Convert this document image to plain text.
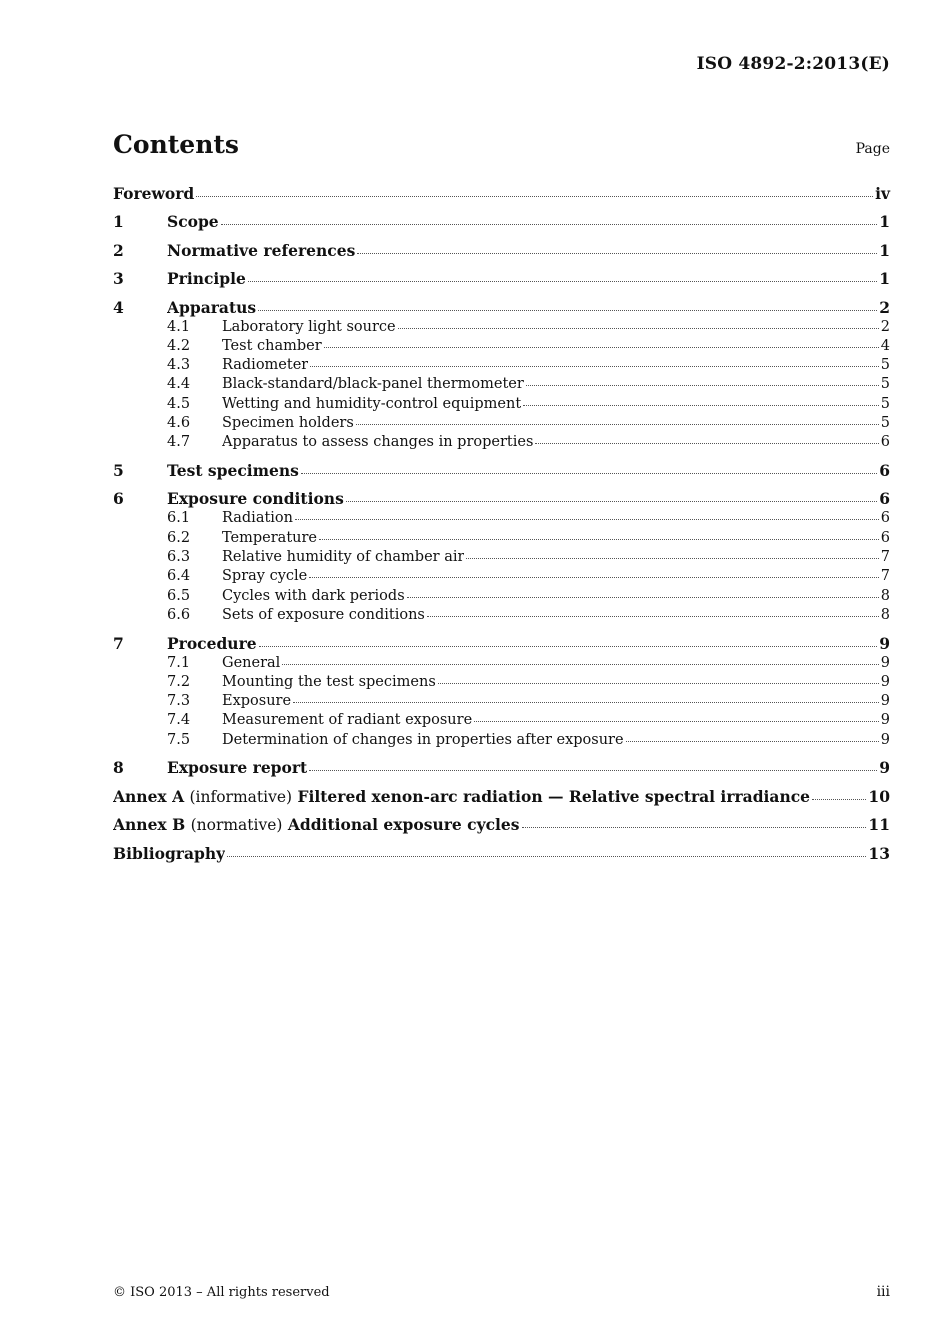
ISO 4892-2:2013(E)
Contents	Page
Foreword	iv
1	Scope	1
2	Normative references	1
3	Principle	1
4	Apparatus	2
4.1	Laboratory light source	2
4.2	Test chamber	4
4.3	Radiometer	5
4.4	Black-standard/black-panel thermometer	5
4.5	Wetting and humidity-control equipment	5
4.6	Specimen holders	5
4.7	Apparatus to assess changes in properties	6
5	Test specimens	6
6	Exposure conditions	6
6.1	Radiation	6
6.2	Temperature	6
6.3	Relative humidity of chamber air	7
6.4	Spray cycle	7
6.5	Cycles with dark periods	8
6.6	Sets of exposure conditions	8
7	Procedure	9
7.1	General	9
7.2	Mounting the test specimens	9
7.3	Exposure	9
7.4	Measurement of radiant exposure	9
7.5	Determination of changes in properties after exposure	9
8	Exposure report	9
Annex A (informative) Filtered xenon-arc radiation — Relative spectral irradiance	10
Annex B (normative) Additional exposure cycles	11
Bibliography	13
© ISO 2013 – All rights reserved	iii
